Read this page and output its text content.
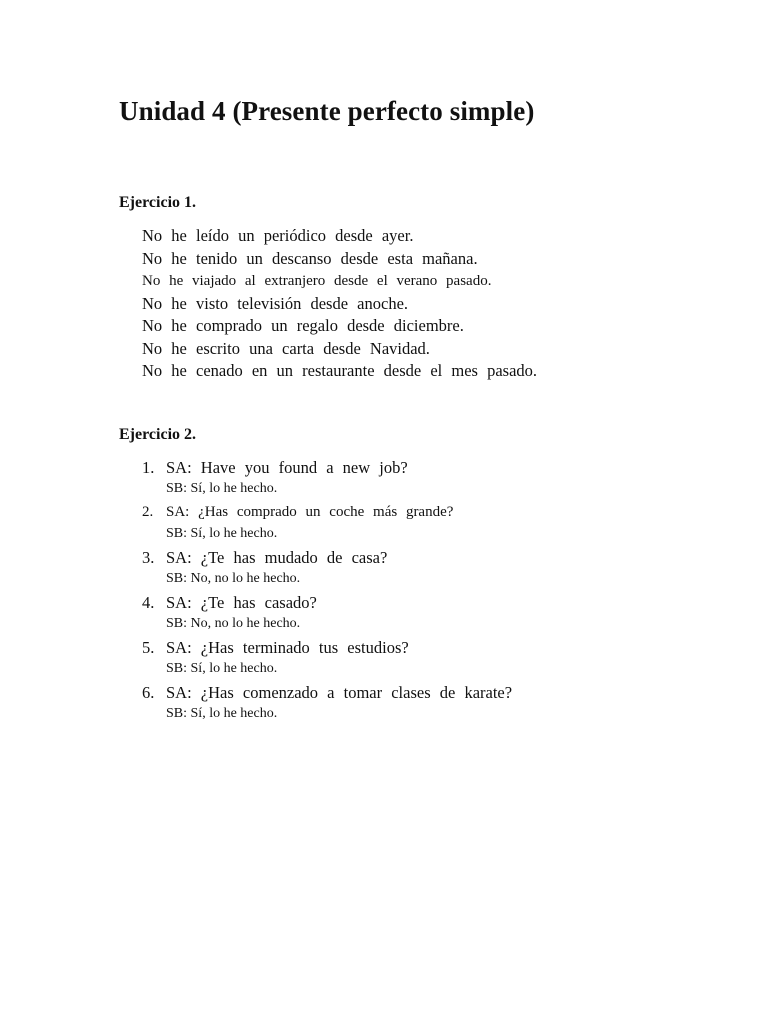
Unidad 4 (Presente perfecto simple)
Ejercicio 1.
No he leído un periódico desde ayer.
No he tenido un descanso desde esta mañana.
No he viajado al extranjero desde el verano pasado.
No he visto televisión desde anoche.
No he comprado un regalo desde diciembre.
No he escrito una carta desde Navidad.
No he cenado en un restaurante desde el mes pasado.
Ejercicio 2.
1. SA: Have you found a new job?
SB: Sí, lo he hecho.
2. SA: ¿Has comprado un coche más grande?
SB: Sí, lo he hecho.
3. SA: ¿Te has mudado de casa?
SB: No, no lo he hecho.
4. SA: ¿Te has casado?
SB: No, no lo he hecho.
5. SA: ¿Has terminado tus estudios?
SB: Sí, lo he hecho.
6. SA: ¿Has comenzado a tomar clases de karate?
SB: Sí, lo he hecho.
